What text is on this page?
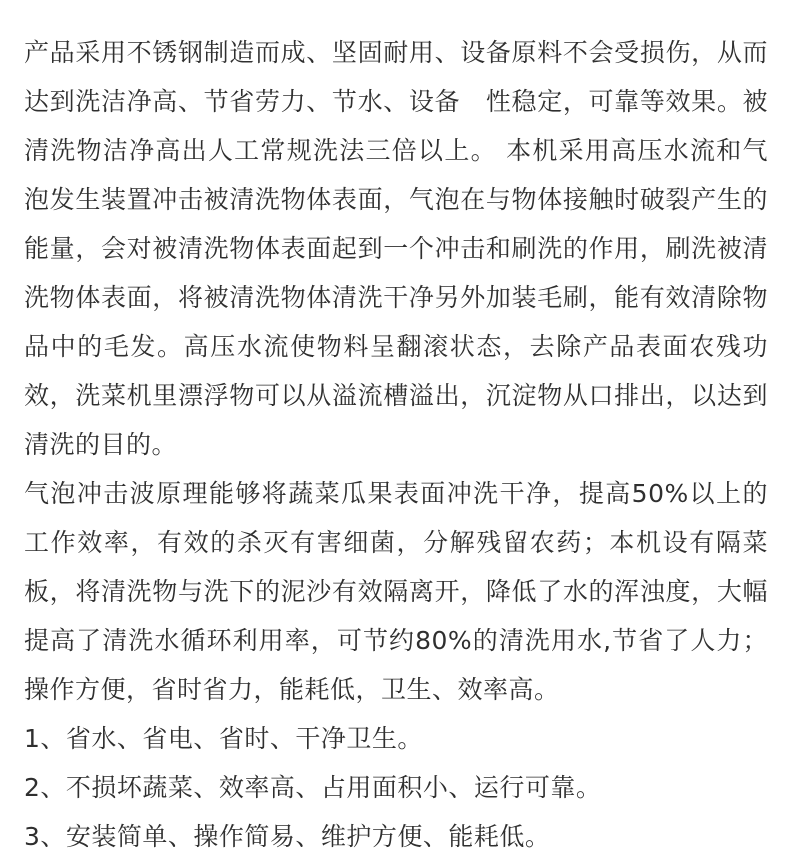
产品采用不锈钢制造而成、坚固耐用、设备原料不会受损伤，从而达到洗洁净高、节省劳力、节水、设备　性稳定，可靠等效果。被清洗物洁净高出人工常规洗法三倍以上。 本机采用高压水流和气泡发生装置冲击被清洗物体表面，气泡在与物体接触时破裂产生的能量，会对被清洗物体表面起到一个冲击和刷洗的作用，刷洗被清洗物体表面，将被清洗物体清洗干净另外加装毛刷，能有效清除物品中的毛发。高压水流使物料呈翻滚状态，去除产品表面农残功效，洗菜机里漂浮物可以从溢流槽溢出，沉淀物从口排出，以达到清洗的目的。

气泡冲击波原理能够将蔬菜瓜果表面冲洗干净，提高50%以上的工作效率，有效的杀灭有害细菌，分解残留农药；本机设有隔菜板，将清洗物与洗下的泥沙有效隔离开，降低了水的浑浊度，大幅提高了清洗水循环利用率，可节约80%的清洗用水,节省了人力；操作方便，省时省力，能耗低，卫生、效率高。

1、省水、省电、省时、干净卫生。

2、不损坏蔬菜、效率高、占用面积小、运行可靠。

3、安装简单、操作简易、维护方便、能耗低。
